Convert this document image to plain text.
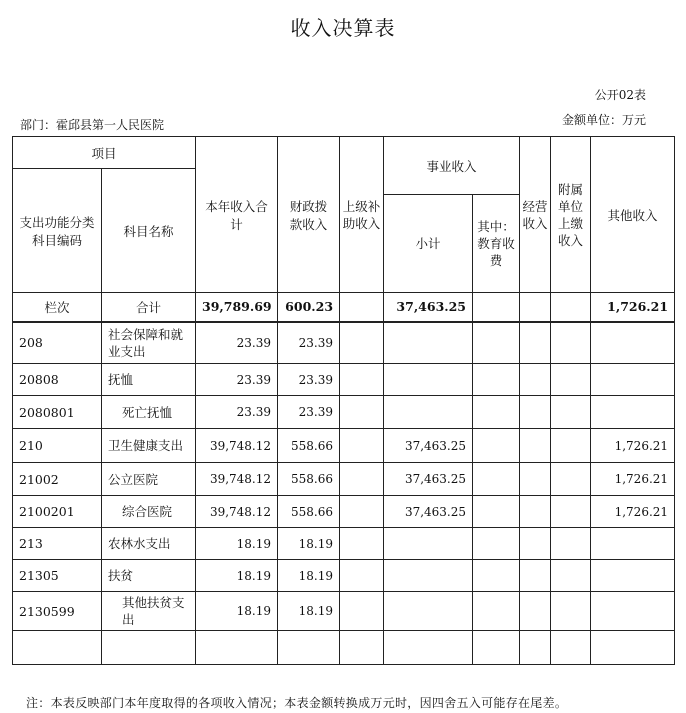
收入决算表
公开02表
部门：霍邱县第一人民医院	金额单位：万元
项目		本年收入合计	财政拨款收入	上级补助收入	事业收入		经营收入	附属单位上缴收入	其他收入
支出功能分类科目编码	科目名称								
					小计	其中：教育收费			
栏次	合计	39,789.69	600.23		37,463.25				1,726.21
208	社会保障和就业支出	23.39	23.39						
20808	抚恤	23.39	23.39						
2080801	死亡抚恤	23.39	23.39						
210	卫生健康支出	39,748.12	558.66		37,463.25				1,726.21
21002	公立医院	39,748.12	558.66		37,463.25				1,726.21
2100201	综合医院	39,748.12	558.66		37,463.25				1,726.21
213	农林水支出	18.19	18.19						
21305	扶贫	18.19	18.19						
2130599	其他扶贫支出	18.19	18.19						

注：本表反映部门本年度取得的各项收入情况；本表金额转换成万元时，因四舍五入可能存在尾差。
